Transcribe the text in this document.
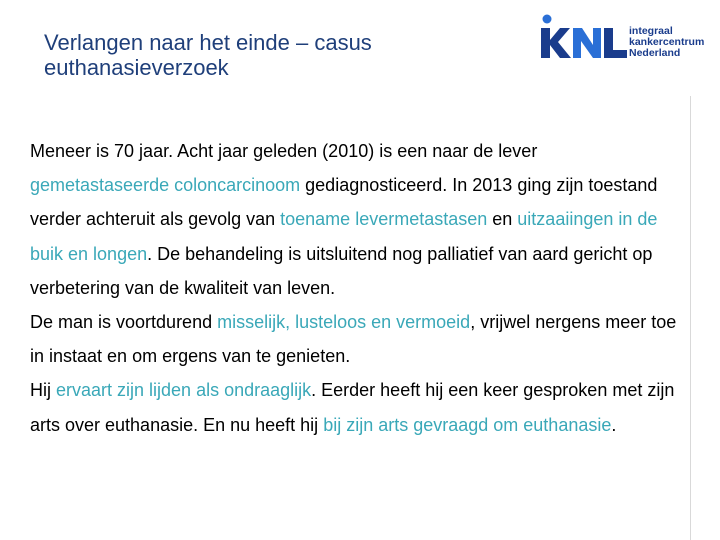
Verlangen naar het einde – casus
euthanasieverzoek
integraal
kankercentrum
Nederland

Meneer is 70 jaar. Acht jaar geleden (2010) is een naar de lever gemetastaseerde coloncarcinoom gediagnosticeerd. In 2013 ging zijn toestand verder achteruit als gevolg van toename levermetastasen en uitzaaiingen in de buik en longen. De behandeling is uitsluitend nog palliatief van aard gericht op verbetering van de kwaliteit van leven.

De man is voortdurend misselijk, lusteloos en vermoeid, vrijwel nergens meer toe in instaat en om ergens van te genieten.

Hij ervaart zijn lijden als ondraaglijk. Eerder heeft hij een keer gesproken met zijn arts over euthanasie. En nu heeft hij bij zijn arts gevraagd om euthanasie.
